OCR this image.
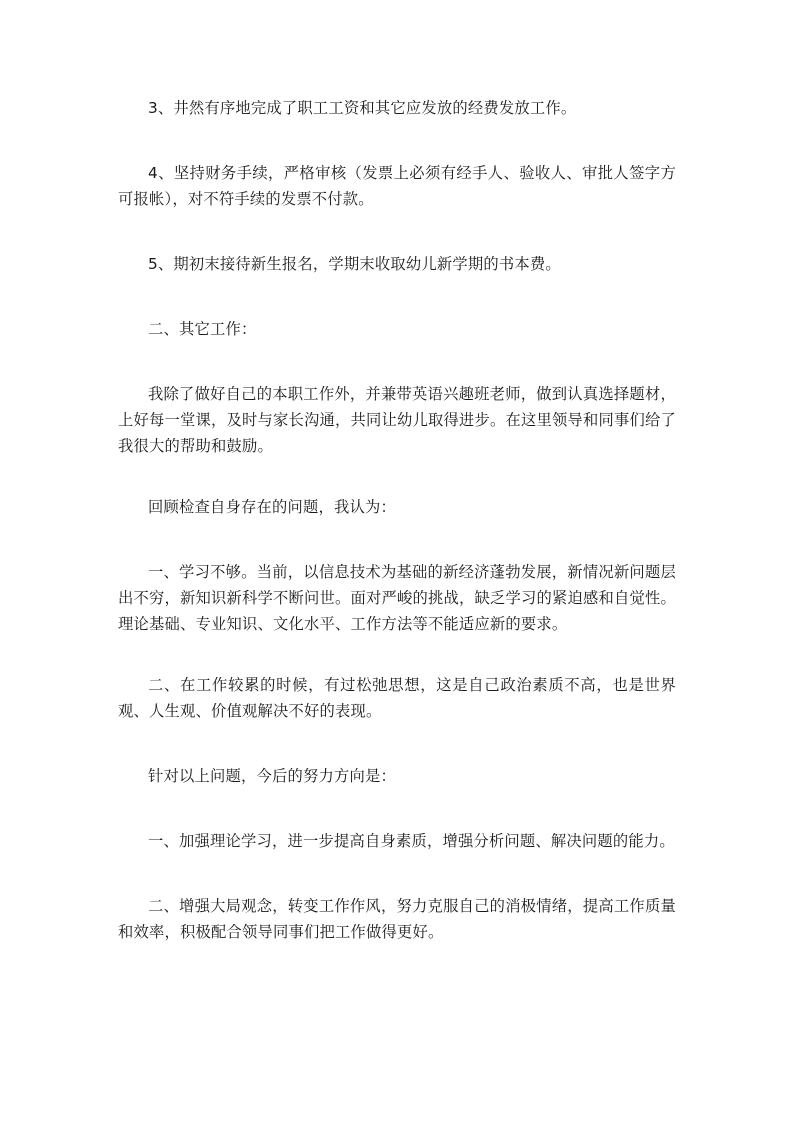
3、井然有序地完成了职工工资和其它应发放的经费发放工作。

4、坚持财务手续，严格审核（发票上必须有经手人、验收人、审批人签字方可报帐），对不符手续的发票不付款。

5、期初末接待新生报名，学期末收取幼儿新学期的书本费。

二、其它工作：

我除了做好自己的本职工作外，并兼带英语兴趣班老师，做到认真选择题材，上好每一堂课，及时与家长沟通，共同让幼儿取得进步。在这里领导和同事们给了我很大的帮助和鼓励。

回顾检查自身存在的问题，我认为：

一、学习不够。当前，以信息技术为基础的新经济蓬勃发展，新情况新问题层出不穷，新知识新科学不断问世。面对严峻的挑战，缺乏学习的紧迫感和自觉性。理论基础、专业知识、文化水平、工作方法等不能适应新的要求。

二、在工作较累的时候，有过松弛思想，这是自己政治素质不高，也是世界观、人生观、价值观解决不好的表现。

针对以上问题，今后的努力方向是：

一、加强理论学习，进一步提高自身素质，增强分析问题、解决问题的能力。

二、增强大局观念，转变工作作风，努力克服自己的消极情绪，提高工作质量和效率，积极配合领导同事们把工作做得更好。
